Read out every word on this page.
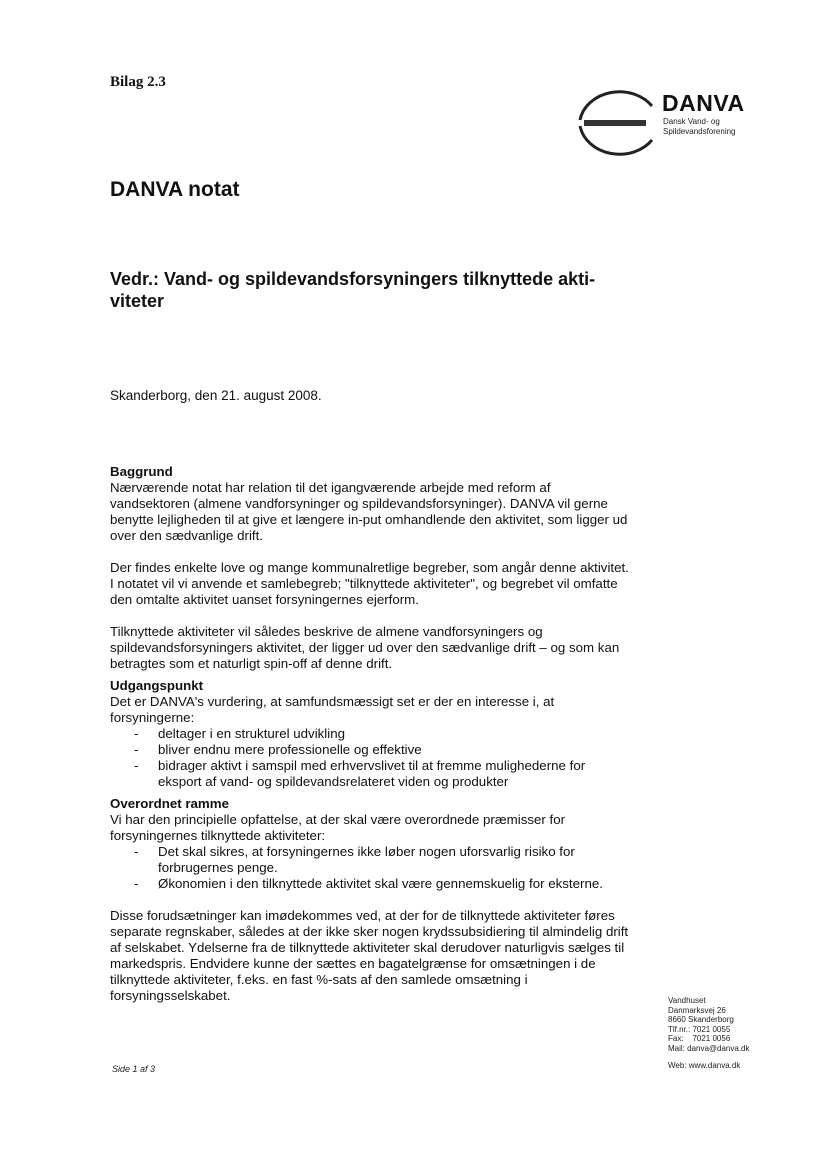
Bilag 2.3
DANVA
Dansk Vand- og
Spildevandsforening
DANVA notat
Vedr.: Vand- og spildevandsforsyningers tilknyttede akti-
viteter
Skanderborg, den 21. august 2008.
Baggrund

Nærværende notat har relation til det igangværende arbejde med reform af vandsektoren (almene vandforsyninger og spildevandsforsyninger). DANVA vil gerne benytte lejligheden til at give et længere in-put omhandlende den aktivitet, som ligger ud over den sædvanlige drift.

Der findes enkelte love og mange kommunalretlige begreber, som angår denne aktivitet. I notatet vil vi anvende et samlebegreb; "tilknyttede aktiviteter", og begrebet vil omfatte den omtalte aktivitet uanset forsyningernes ejerform.

Tilknyttede aktiviteter vil således beskrive de almene vandforsyningers og spildevandsforsyningers aktivitet, der ligger ud over den sædvanlige drift – og som kan betragtes som et naturligt spin-off af denne drift.

Udgangspunkt

Det er DANVA's vurdering, at samfundsmæssigt set er der en interesse i, at forsyningerne:

- deltager i en strukturel udvikling
- bliver endnu mere professionelle og effektive
- bidrager aktivt i samspil med erhvervslivet til at fremme mulighederne for eksport af vand- og spildevandsrelateret viden og produkter
Overordnet ramme

Vi har den principielle opfattelse, at der skal være overordnede præmisser for forsyningernes tilknyttede aktiviteter:

- Det skal sikres, at forsyningernes ikke løber nogen uforsvarlig risiko for forbrugernes penge.
- Økonomien i den tilknyttede aktivitet skal være gennemskuelig for eksterne.

Disse forudsætninger kan imødekommes ved, at der for de tilknyttede aktiviteter føres separate regnskaber, således at der ikke sker nogen krydssubsidiering til almindelig drift af selskabet. Ydelserne fra de tilknyttede aktiviteter skal derudover naturligvis sælges til markedspris. Endvidere kunne der sættes en bagatelgrænse for omsætningen i de tilknyttede aktiviteter, f.eks. en fast %-sats af den samlede omsætning i forsyningsselskabet.	Vandhuset
Danmarksvej 26
8660 Skanderborg
Tlf.nr.: 7021 0055
Fax:    7021 0056
Mail: danva@danva.dk
Web: www.danva.dk
Side 1 af 3
